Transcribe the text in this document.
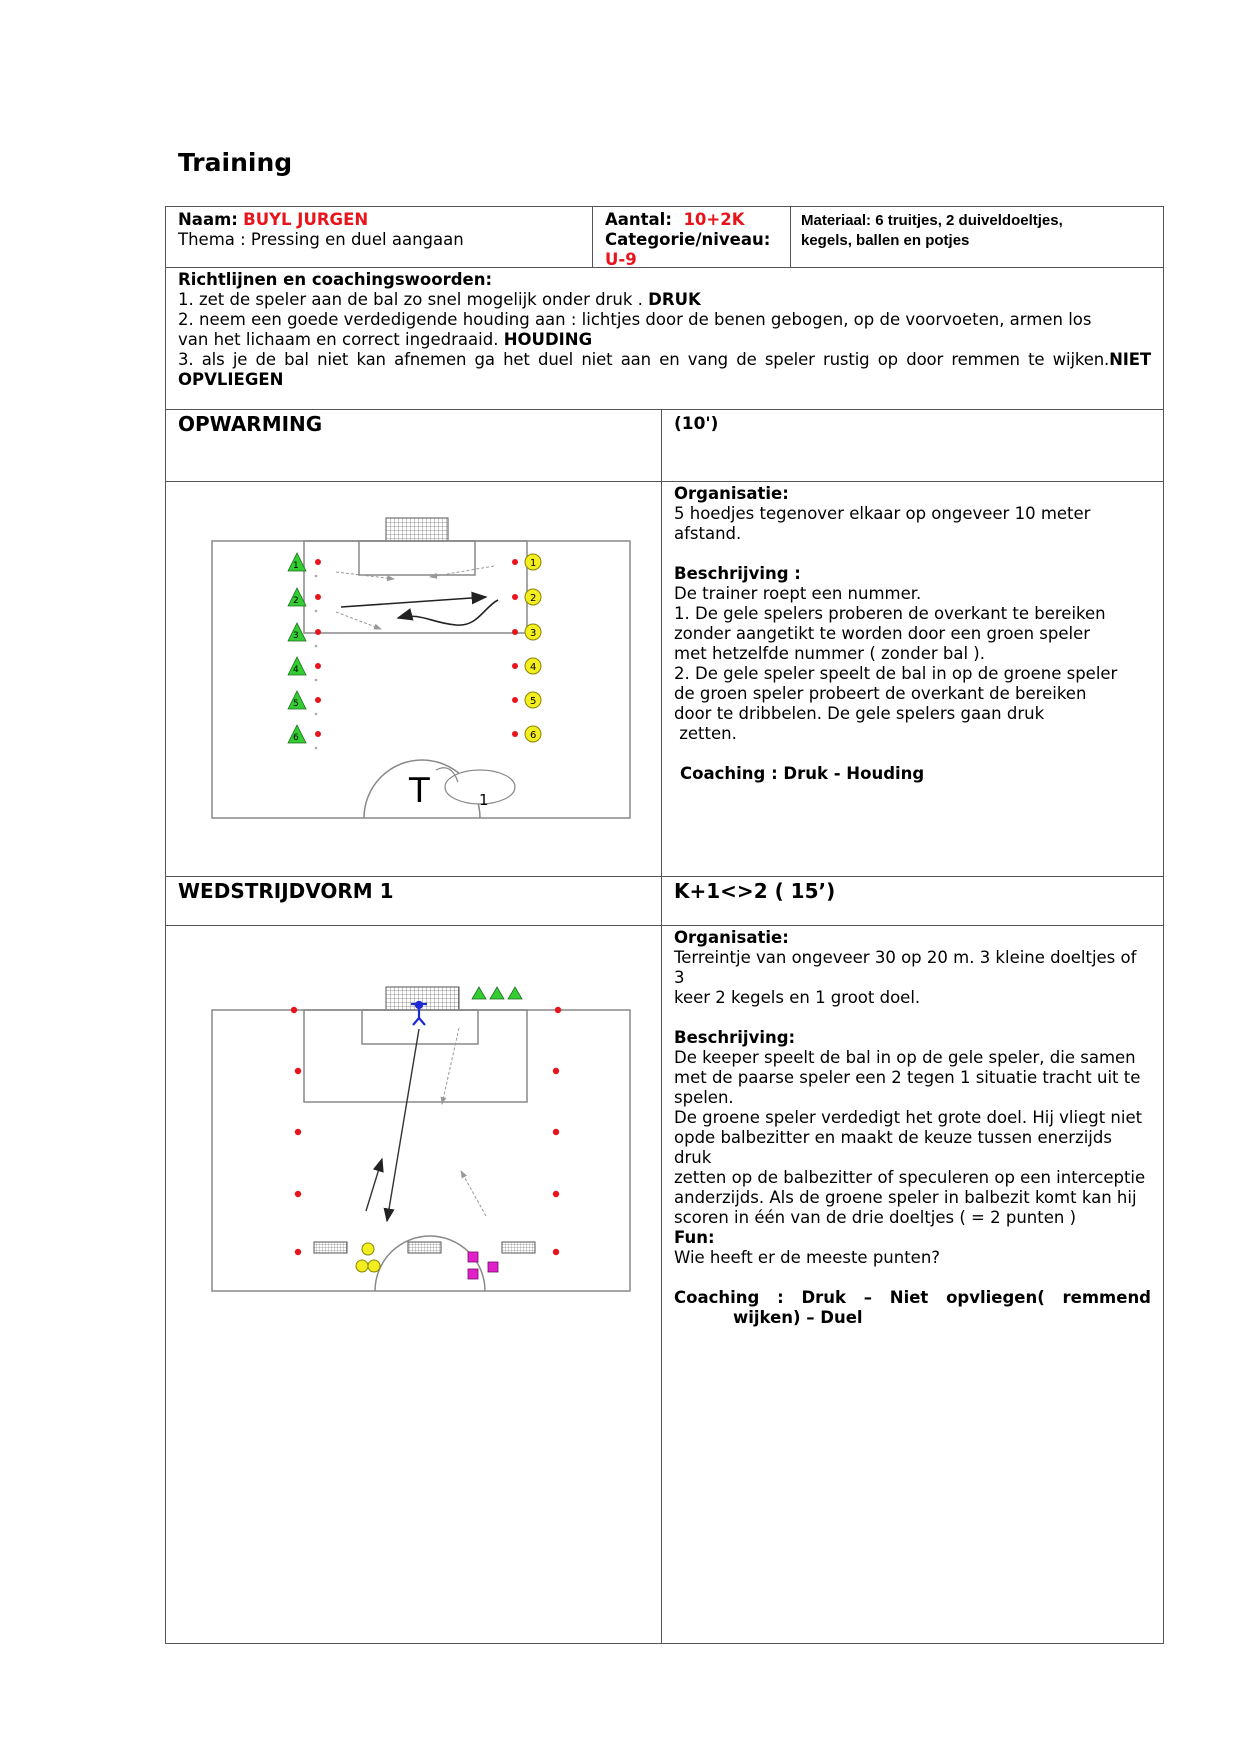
Training

Naam: BUYL JURGEN

Thema : Pressing en duel aangaan

Aantal: 10+2K

Categorie/niveau:

U-9

Materiaal: 6 truitjes, 2 duiveldoeltjes,

kegels, ballen en potjes

Richtlijnen en coachingswoorden:

1. zet de speler aan de bal zo snel mogelijk onder druk . DRUK

2. neem een goede verdedigende houding aan : lichtjes door de benen gebogen, op de voorvoeten, armen los

van het lichaam en correct ingedraaid. HOUDING

3. als je de bal niet kan afnemen ga het duel niet aan en vang de speler rustig op door remmen te wijken.NIET

OPVLIEGEN

OPWARMING	(10')
T	1
1
2
3
4
5
6
1
2
3
4
5
6

Organisatie:

5 hoedjes tegenover elkaar op ongeveer 10 meter

afstand.

Beschrijving :

De trainer roept een nummer.

1. De gele spelers proberen de overkant te bereiken

zonder aangetikt te worden door een groen speler

met hetzelfde nummer ( zonder bal ).

2. De gele speler speelt de bal in op de groene speler

de groen speler probeert de overkant de bereiken

door te dribbelen. De gele spelers gaan druk

zetten.

Coaching : Druk - Houding

WEDSTRIJDVORM 1	K+1<>2 ( 15’)

Organisatie:

Terreintje van ongeveer 30 op 20 m. 3 kleine doeltjes of

3

keer 2 kegels en 1 groot doel.

Beschrijving:

De keeper speelt de bal in op de gele speler, die samen

met de paarse speler een 2 tegen 1 situatie tracht uit te

spelen.

De groene speler verdedigt het grote doel. Hij vliegt niet

opde balbezitter en maakt de keuze tussen enerzijds

druk

zetten op de balbezitter of speculeren op een interceptie

anderzijds. Als de groene speler in balbezit komt kan hij

scoren in één van de drie doeltjes ( = 2 punten )

Fun:

Wie heeft er de meeste punten?

Coaching : Druk – Niet opvliegen( remmend

wijken) – Duel
